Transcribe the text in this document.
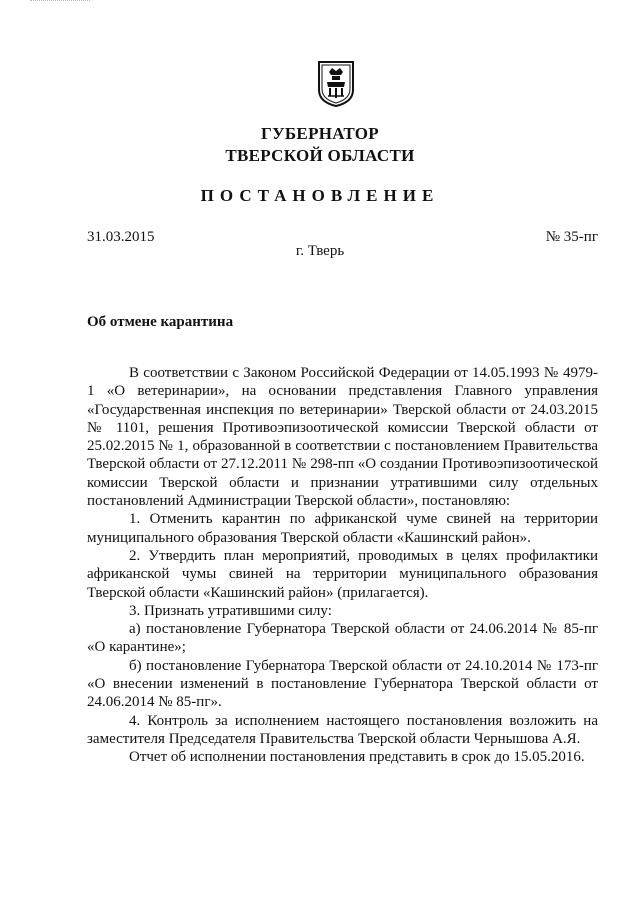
ГУБЕРНАТОР
ТВЕРСКОЙ ОБЛАСТИ
ПОСТАНОВЛЕНИЕ
31.03.2015	№ 35-пг
г. Тверь
Об отмене карантина

В соответствии с Законом Российской Федерации от 14.05.1993 № 4979-1 «О ветеринарии», на основании представления Главного управления «Государственная инспекция по ветеринарии» Тверской области от 24.03.2015 № 1101, решения Противоэпизоотической комиссии Тверской области от 25.02.2015 № 1, образованной в соответствии с постановлением Правительства Тверской области от 27.12.2011 № 298-пп «О создании Противоэпизоотической комиссии Тверской области и признании утратившими силу отдельных постановлений Администрации Тверской области», постановляю:

1. Отменить карантин по африканской чуме свиней на территории муниципального образования Тверской области «Кашинский район».

2. Утвердить план мероприятий, проводимых в целях профилактики африканской чумы свиней на территории муниципального образования Тверской области «Кашинский район» (прилагается).

3. Признать утратившими силу:

а) постановление Губернатора Тверской области от 24.06.2014 № 85-пг «О карантине»;

б) постановление Губернатора Тверской области от 24.10.2014 № 173-пг «О внесении изменений в постановление Губернатора Тверской области от 24.06.2014 № 85-пг».

4. Контроль за исполнением настоящего постановления возложить на заместителя Председателя Правительства Тверской области Чернышова А.Я.

Отчет об исполнении постановления представить в срок до 15.05.2016.
